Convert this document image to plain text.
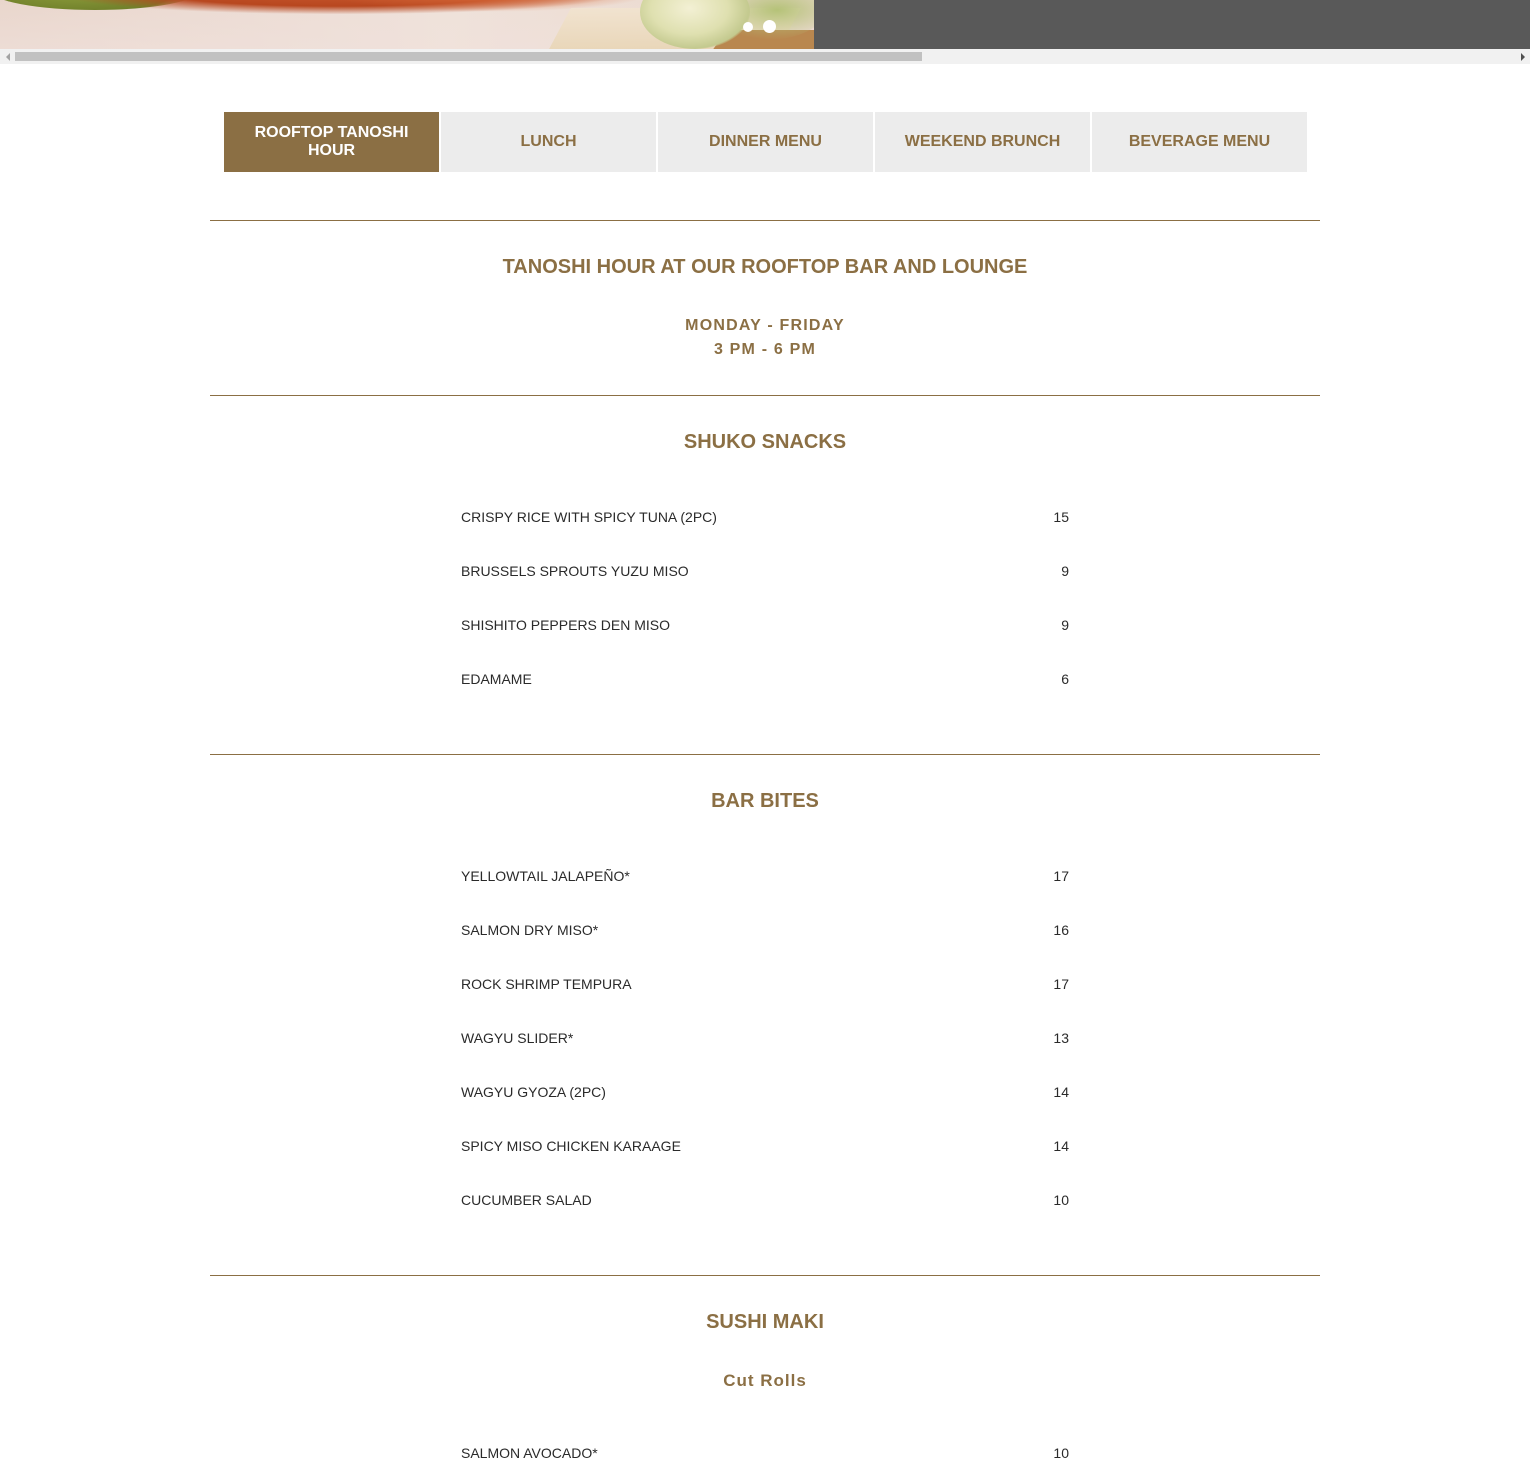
ROOFTOP TANOSHI HOUR
LUNCH	DINNER MENU	WEEKEND BRUNCH	BEVERAGE MENU
TANOSHI HOUR AT OUR ROOFTOP BAR AND LOUNGE
MONDAY - FRIDAY
3 PM - 6 PM
SHUKO SNACKS
CRISPY RICE WITH SPICY TUNA (2PC)	15
BRUSSELS SPROUTS YUZU MISO	9
SHISHITO PEPPERS DEN MISO	9
EDAMAME	6
BAR BITES
YELLOWTAIL JALAPEÑO*	17
SALMON DRY MISO*	16
ROCK SHRIMP TEMPURA	17
WAGYU SLIDER*	13
WAGYU GYOZA (2PC)	14
SPICY MISO CHICKEN KARAAGE	14
CUCUMBER SALAD	10
SUSHI MAKI
Cut Rolls
SALMON AVOCADO*	10
